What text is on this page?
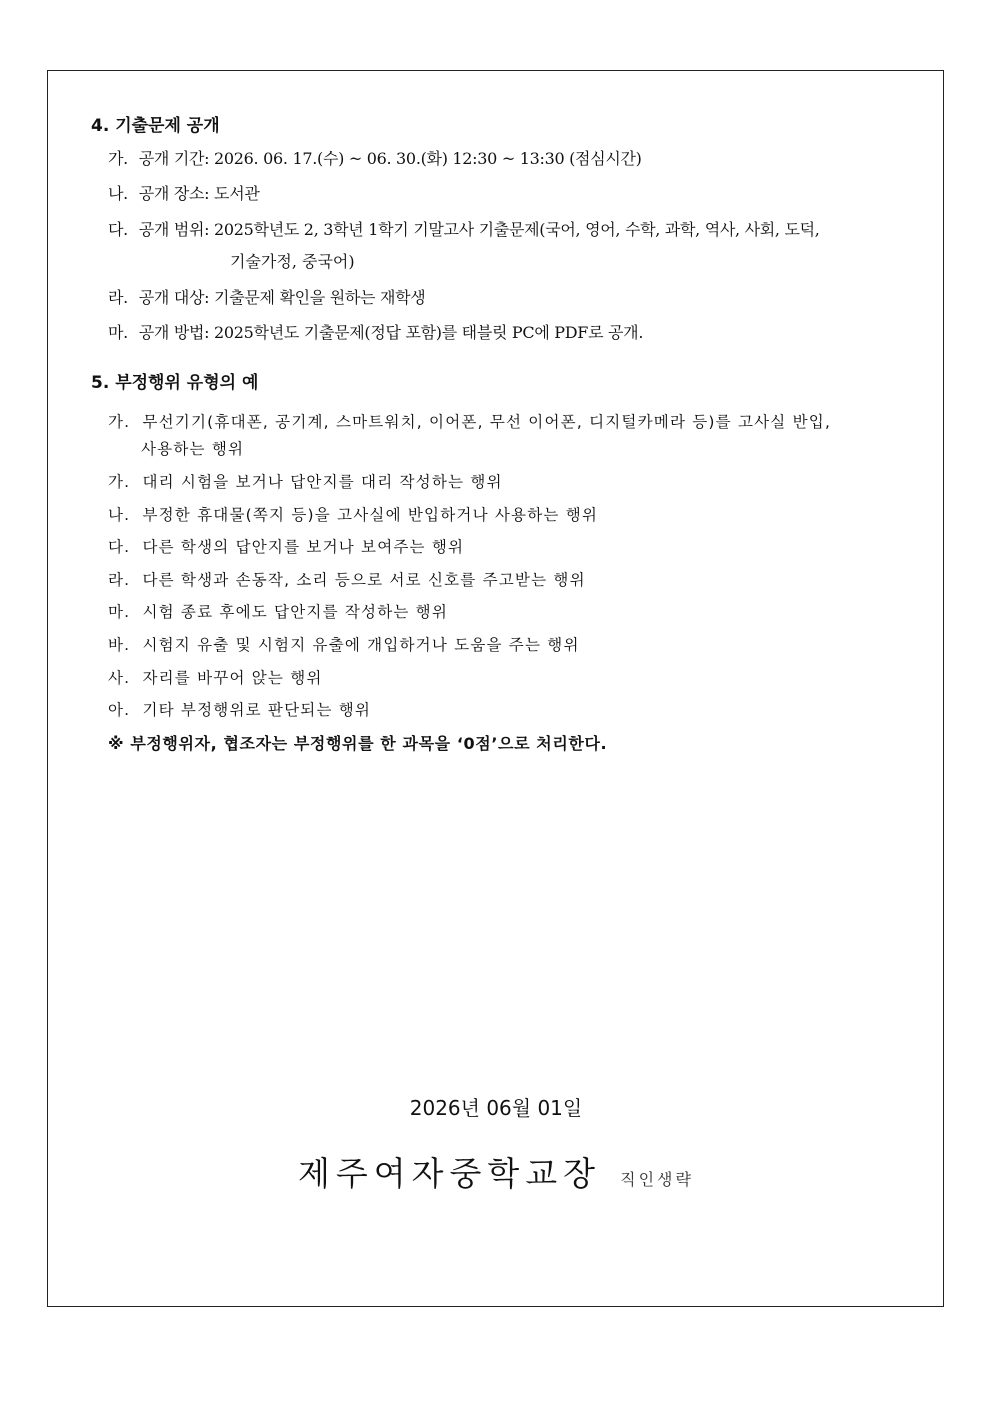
4. 기출문제 공개
가. 공개 기간: 2026. 06. 17.(수) ~ 06. 30.(화) 12:30 ~ 13:30 (점심시간)
나. 공개 장소: 도서관
다. 공개 범위: 2025학년도 2, 3학년 1학기 기말고사 기출문제(국어, 영어, 수학, 과학, 역사, 사회, 도덕,
기술가정, 중국어)
라. 공개 대상: 기출문제 확인을 원하는 재학생
마. 공개 방법: 2025학년도 기출문제(정답 포함)를 태블릿 PC에 PDF로 공개.
5. 부정행위 유형의 예
가. 무선기기(휴대폰, 공기계, 스마트워치, 이어폰, 무선 이어폰, 디지털카메라 등)를 고사실 반입,
사용하는 행위
가. 대리 시험을 보거나 답안지를 대리 작성하는 행위
나. 부정한 휴대물(쪽지 등)을 고사실에 반입하거나 사용하는 행위
다. 다른 학생의 답안지를 보거나 보여주는 행위
라. 다른 학생과 손동작, 소리 등으로 서로 신호를 주고받는 행위
마. 시험 종료 후에도 답안지를 작성하는 행위
바. 시험지 유출 및 시험지 유출에 개입하거나 도움을 주는 행위
사. 자리를 바꾸어 앉는 행위
아. 기타 부정행위로 판단되는 행위
※ 부정행위자, 협조자는 부정행위를 한 과목을 ‘0점’으로 처리한다.
2026년 06월 01일
제주여자중학교장 직인생략
